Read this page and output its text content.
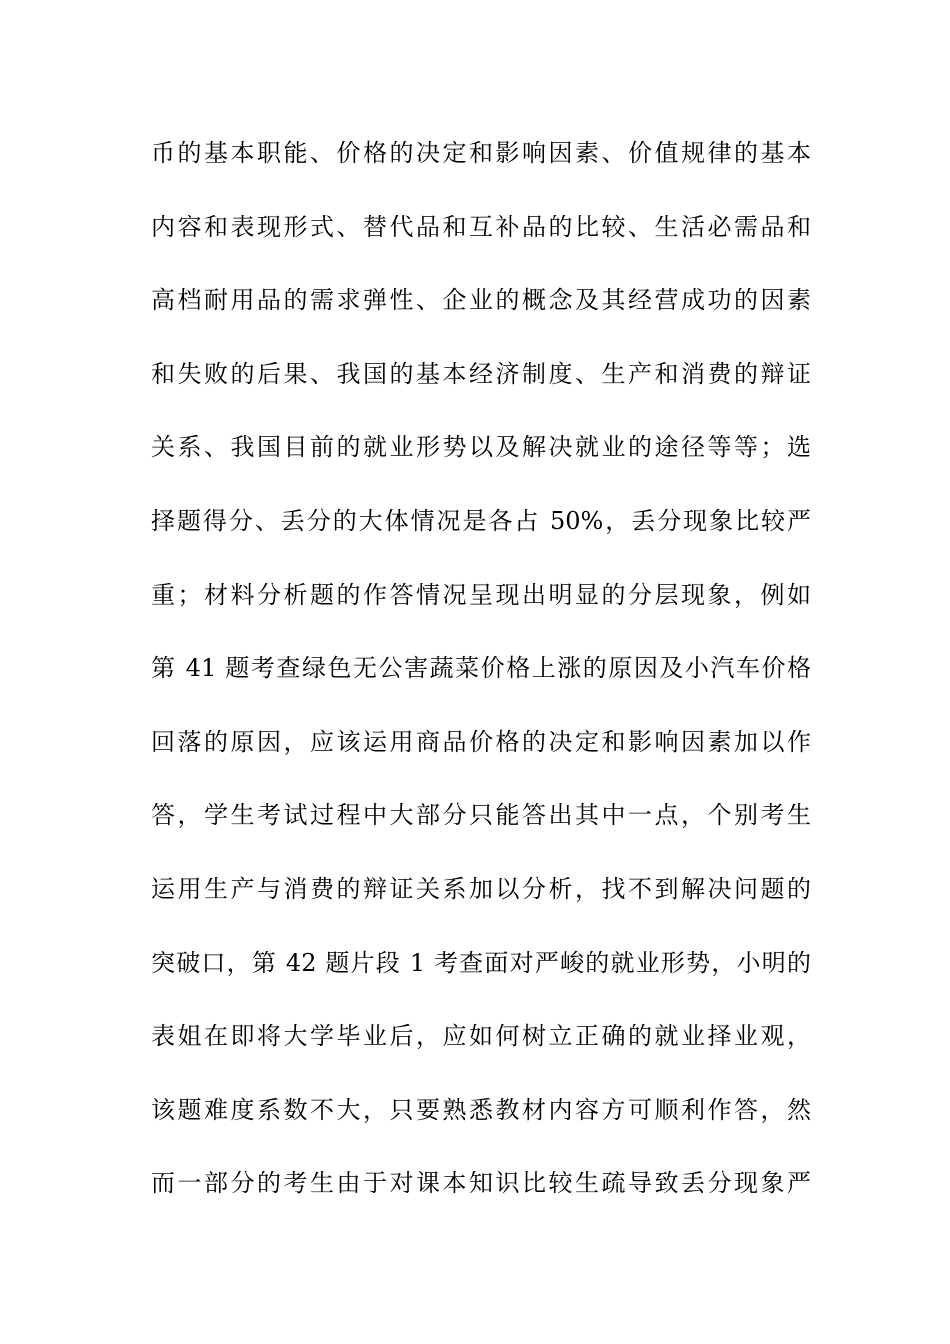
币的基本职能、价格的决定和影响因素、价值规律的基本
内容和表现形式、替代品和互补品的比较、生活必需品和
高档耐用品的需求弹性、企业的概念及其经营成功的因素
和失败的后果、我国的基本经济制度、生产和消费的辩证
关系、我国目前的就业形势以及解决就业的途径等等；选
择题得分、丢分的大体情况是各占 50%，丢分现象比较严
重；材料分析题的作答情况呈现出明显的分层现象，例如
第 41 题考查绿色无公害蔬菜价格上涨的原因及小汽车价格
回落的原因，应该运用商品价格的决定和影响因素加以作
答，学生考试过程中大部分只能答出其中一点，个别考生
运用生产与消费的辩证关系加以分析，找不到解决问题的
突破口，第 42 题片段 1 考查面对严峻的就业形势，小明的
表姐在即将大学毕业后，应如何树立正确的就业择业观，
该题难度系数不大，只要熟悉教材内容方可顺利作答，然
而一部分的考生由于对课本知识比较生疏导致丢分现象严
